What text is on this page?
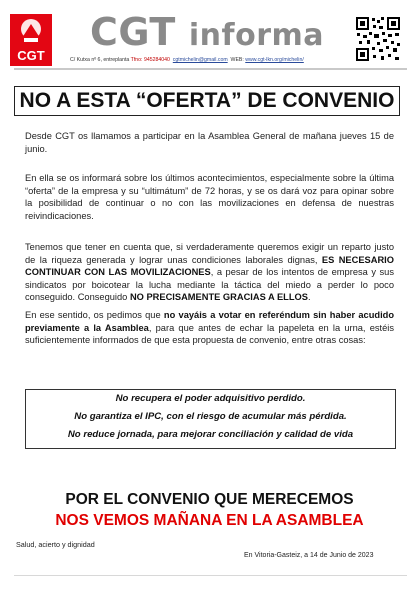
CGT
CGT informa
C/ Kutxa nº 6, entreplanta Tfno: 945284040 cgtmichelin@gmail.com WEB: www.cgt-lkn.org/michelin/
NO A ESTA “OFERTA” DE CONVENIO
Desde CGT os llamamos a participar en la Asamblea General de mañana jueves 15 de junio.
En ella se os informará sobre los últimos acontecimientos, especialmente sobre la última “oferta” de la empresa y su “ultimátum” de 72 horas, y se os dará voz para opinar sobre la posibilidad de continuar o no con las movilizaciones en defensa de nuestras reivindicaciones.
Tenemos que tener en cuenta que, si verdaderamente queremos exigir un reparto justo de la riqueza generada y lograr unas condiciones laborales dignas, ES NECESARIO CONTINUAR CON LAS MOVILIZACIONES, a pesar de los intentos de empresa y sus sindicatos por boicotear la lucha mediante la táctica del miedo a perder lo poco conseguido. Conseguido NO PRECISAMENTE GRACIAS A ELLOS.
En ese sentido, os pedimos que no vayáis a votar en referéndum sin haber acudido previamente a la Asamblea, para que antes de echar la papeleta en la urna, estéis suficientemente informados de que esta propuesta de convenio, entre otras cosas:
No recupera el poder adquisitivo perdido.
No garantiza el IPC, con el riesgo de acumular más pérdida.
No reduce jornada, para mejorar conciliación y calidad de vida
POR EL CONVENIO QUE MERECEMOS
NOS VEMOS MAÑANA EN LA ASAMBLEA
Salud, acierto y dignidad
En Vitoria-Gasteiz, a 14 de Junio de 2023
